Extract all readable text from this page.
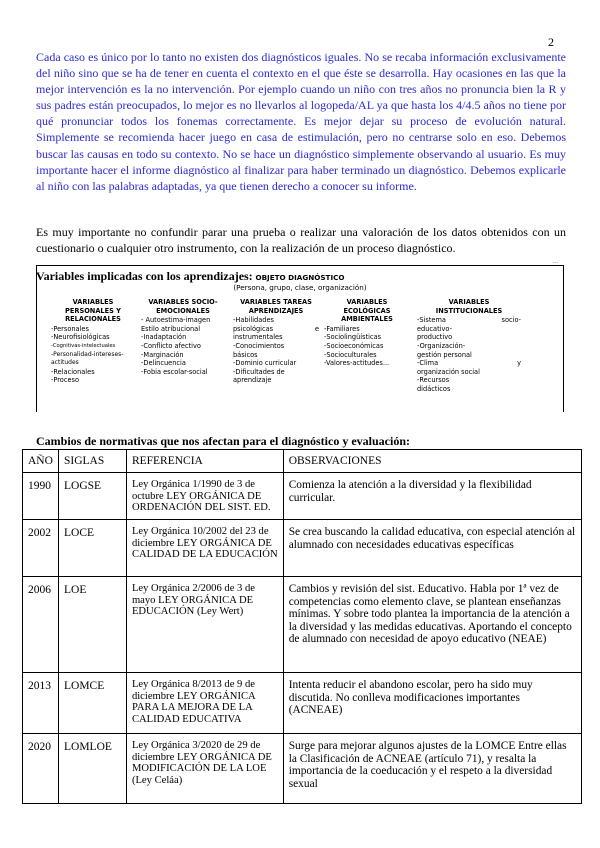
2

Cada caso es único por lo tanto no existen dos diagnósticos iguales. No se recaba información exclusivamente del niño sino que se ha de tener en cuenta el contexto en el que éste se desarrolla. Hay ocasiones en las que la mejor intervención es la no intervención. Por ejemplo cuando un niño con tres años no pronuncia bien la R y sus padres están preocupados, lo mejor es no llevarlos al logopeda/AL ya que hasta los 4/4.5 años no tiene por qué pronunciar todos los fonemas correctamente. Es mejor dejar su proceso de evolución natural. Simplemente se recomienda hacer juego en casa de estimulación, pero no centrarse solo en eso. Debemos buscar las causas en todo su contexto. No se hace un diagnóstico simplemente observando al usuario. Es muy importante hacer el informe diagnóstico al finalizar para haber terminado un diagnóstico. Debemos explicarle al niño con las palabras adaptadas, ya que tienen derecho a conocer su informe.

Es muy importante no confundir parar una prueba o realizar una valoración de los datos obtenidos con un cuestionario o cualquier otro instrumento, con la realización de un proceso diagnóstico.

...
OBJETO DIAGNÓSTICO
(Persona, grupo, clase, organización)
VARIABLES PERSONALES Y RELACIONALES
-Personales
-Neurofisiológicas
-Cognitivas-intelectuales
-Personalidad-intereses-actitudes
-Relacionales
-Proceso
VARIABLES SOCIO-EMOCIONALES
- Autoestima-imagen
Estilo atribucional
-Inadaptación
-Conflicto afectivo
-Marginación
-Delincuencia
-Fobia escolar-social
VARIABLES TAREAS APRENDIZAJES
-Habilidades
psicológicas e
instrumentales
-Conocimientos
básicos
-Dominio curricular
-Dificultades de
aprendizaje
VARIABLES ECOLÓGICAS AMBIENTALES
-Familiares
-Sociolingüísticas
-Socioeconómicas
-Socioculturales
-Valores-actitudes...
VARIABLES INSTITUCIONALES
-Sistema socio-
educativo-
productivo
-Organización-
gestión personal
-Clima y
organización social
-Recursos
didácticos

Variables implicadas con los aprendizajes:

Cambios de normativas que nos afectan para el diagnóstico y evaluación:

AÑO	SIGLAS	REFERENCIA	OBSERVACIONES
1990	LOGSE	Ley Orgánica 1/1990 de 3 de octubre LEY ORGÁNICA DE ORDENACIÓN DEL SIST. ED.	Comienza la atención a la diversidad y la flexibilidad curricular.
2002	LOCE	Ley Orgánica 10/2002 del 23 de diciembre LEY ORGÁNICA DE CALIDAD DE LA EDUCACIÓN	Se crea buscando la calidad educativa, con especial atención al alumnado con necesidades educativas específicas
2006	LOE	Ley Orgánica 2/2006 de 3 de mayo LEY ORGÁNICA DE EDUCACIÓN (Ley Wert)	Cambios y revisión del sist. Educativo. Habla por 1ª vez de competencias como elemento clave, se plantean enseñanzas mínimas. Y sobre todo plantea la importancia de la atención a la diversidad y las medidas educativas. Aportando el concepto de alumnado con necesidad de apoyo educativo (NEAE)
2013	LOMCE	Ley Orgánica 8/2013 de 9 de diciembre LEY ORGÁNICA PARA LA MEJORA DE LA CALIDAD EDUCATIVA	Intenta reducir el abandono escolar, pero ha sido muy discutida. No conlleva modificaciones importantes (ACNEAE)
2020	LOMLOE	Ley Orgánica 3/2020 de 29 de diciembre LEY ORGÁNICA DE MODIFICACIÓN DE LA LOE (Ley Celáa)	Surge para mejorar algunos ajustes de la LOMCE Entre ellas la Clasificación de ACNEAE (artículo 71), y resalta la importancia de la coeducación y el respeto a la diversidad sexual
